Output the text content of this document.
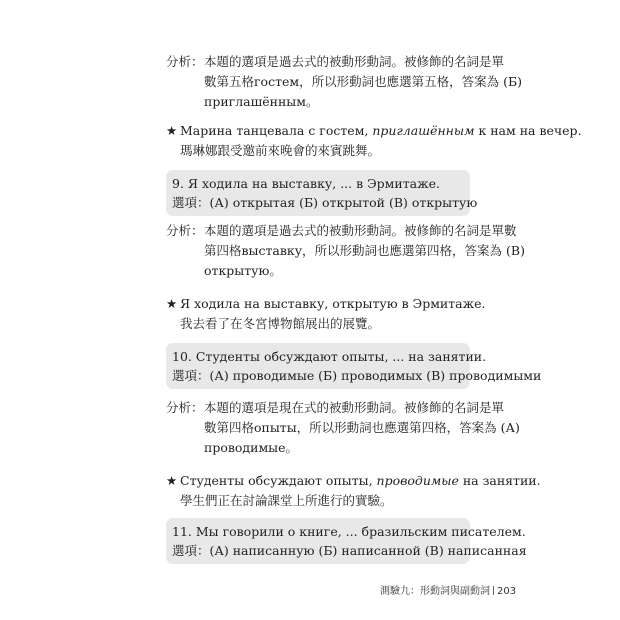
分析： 本題的選項是過去式的被動形動詞。被修飾的名詞是單
數第五格гостем，所以形動詞也應選第五格，答案為 (Б)
приглашённым。
★ Марина танцевала с гостем, приглашённым к нам на вечер.
瑪琳娜跟受邀前來晚會的來賓跳舞。
9. Я ходила на выставку, ... в Эрмитаже.
選項：(А) открытая (Б) открытой (В) открытую
分析： 本題的選項是過去式的被動形動詞。被修飾的名詞是單數
第四格выставку，所以形動詞也應選第四格，答案為 (В)
открытую。
★ Я ходила на выставку, открытую в Эрмитаже.
我去看了在冬宮博物館展出的展覽。
10. Студенты обсуждают опыты, ... на занятии.
選項：(А) проводимые (Б) проводимых (В) проводимыми
分析： 本題的選項是現在式的被動形動詞。被修飾的名詞是單
數第四格опыты，所以形動詞也應選第四格，答案為 (А)
проводимые。
★ Студенты обсуждают опыты, проводимые на занятии.
學生們正在討論課堂上所進行的實驗。
11. Мы говорили о книге, ... бразильским писателем.
選項：(А) написанную (Б) написанной (В) написанная
測驗九：形動詞與副動詞 203
